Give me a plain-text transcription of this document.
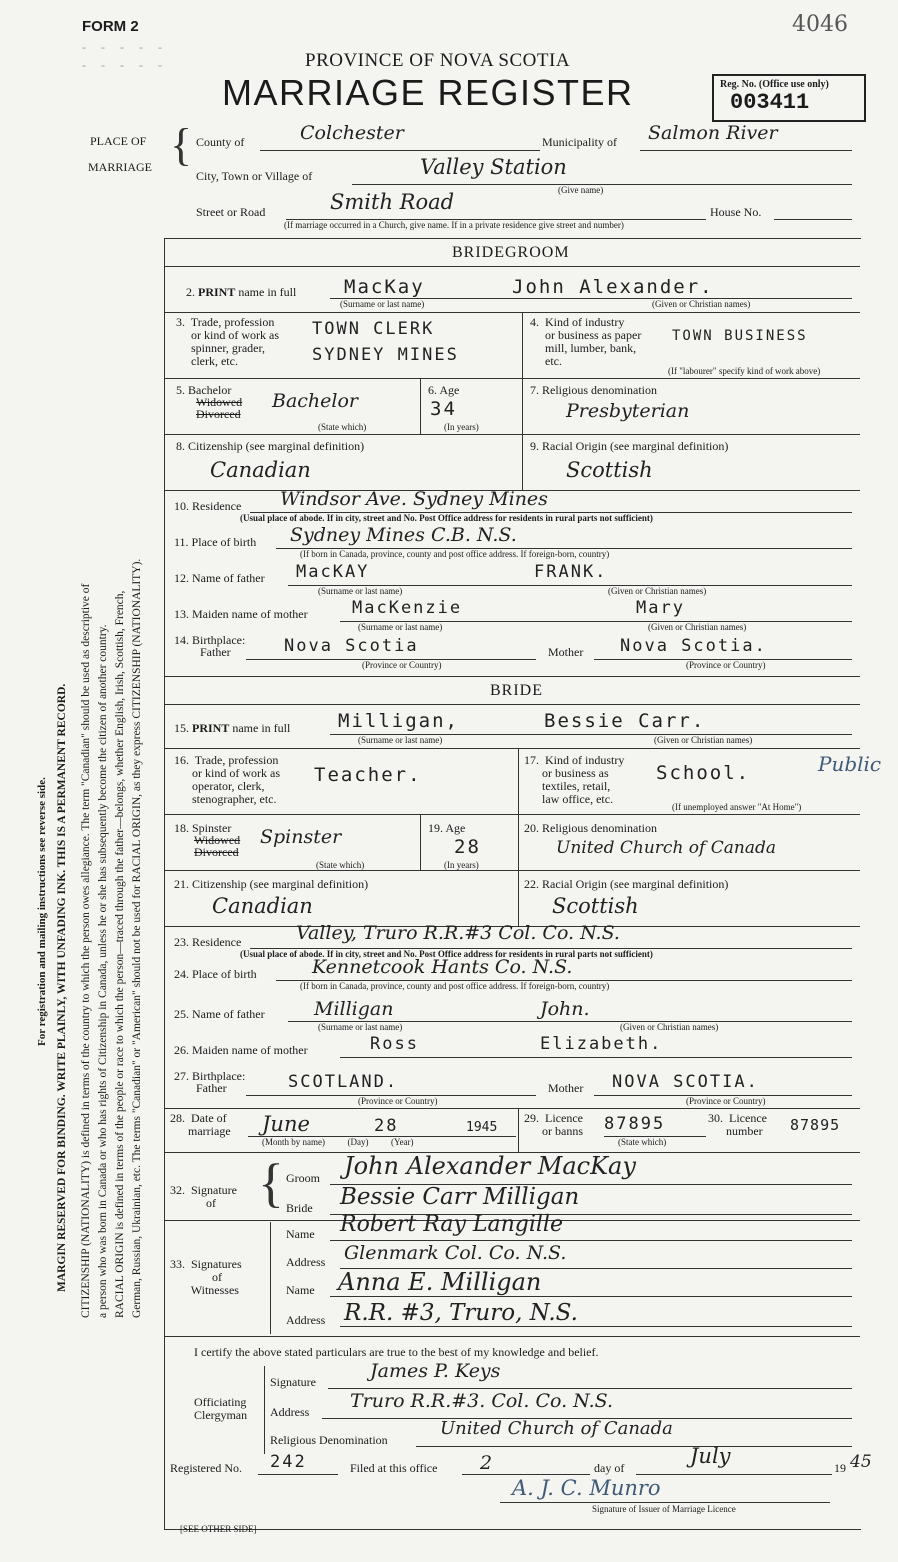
FORM 2	4046
- - - - -
- - - - -	PROVINCE OF NOVA SCOTIA
MARRIAGE REGISTER	Reg. No. (Office use only)
003411
For registration and mailing instructions see reverse side. MARGIN RESERVED FOR BINDING. WRITE PLAINLY, WITH UNFADING INK. THIS IS A PERMANENT RECORD. CITIZENSHIP (NATIONALITY) is defined in terms of the country to which the person owes allegiance. The term "Canadian" should be used as descriptive of a person who was born in Canada or who has rights of Citizenship in Canada, unless he or she has subsequently become the citizen of another country. RACIAL ORIGIN is defined in terms of the people or race to which the person—traced through the father—belongs, whether English, Irish, Scottish, French, German, Russian, Ukrainian, etc. The terms "Canadian" or "American" should not be used for RACIAL ORIGIN, as they express CITIZENSHIP (NATIONALITY).
PLACE OF
MARRIAGE { County of	Colchester	Municipality of Salmon River
City, Town or Village of	Valley Station
(Give name)
Street or Road	Smith Road	House No.
(If marriage occurred in a Church, give name. If in a private residence give street and number)
BRIDEGROOM
2. PRINT name in full	MacKay	John Alexander.
(Surname or last name)	(Given or Christian names)
3.  Trade, profession
or kind of work as
spinner, grader,
clerk, etc.
TOWN CLERK
SYDNEY MINES
4.  Kind of industry
or business as paper
mill, lumber, bank,
etc.
TOWN BUSINESS
(If "labourer" specify kind of work above)
5. Bachelor
Widowed
Divorced
Bachelor
(State which)
6. Age
34
(In years)
7. Religious denomination
Presbyterian
8. Citizenship (see marginal definition)
Canadian
9. Racial Origin (see marginal definition)
Scottish
10. Residence Windsor Ave. Sydney Mines
(Usual place of abode. If in city, street and No. Post Office address for residents in rural parts not sufficient)
11. Place of birth Sydney Mines C.B. N.S.
(If born in Canada, province, county and post office address. If foreign-born, country)
12. Name of father MacKAY	FRANK.
(Surname or last name)	(Given or Christian names)
13. Maiden name of mother	MacKenzie	Mary
(Surname or last name)	(Given or Christian names)
14. Birthplace:
Father	Nova Scotia	Mother Nova Scotia.
(Province or Country)	(Province or Country)
BRIDE
15. PRINT name in full	Milligan,	Bessie Carr.
(Surname or last name)	(Given or Christian names)
16.  Trade, profession
or kind of work as
operator, clerk,
stenographer, etc.
Teacher.
17.  Kind of industry
or business as
textiles, retail,
law office, etc.
School.	Public
(If unemployed answer "At Home")
18. Spinster
Widowed
Divorced
Spinster
(State which)
19. Age
28
(In years)
20. Religious denomination
United Church of Canada
21. Citizenship (see marginal definition)
Canadian
22. Racial Origin (see marginal definition)
Scottish
23. Residence	Valley, Truro R.R.#3 Col. Co. N.S.
(Usual place of abode. If in city, street and No. Post Office address for residents in rural parts not sufficient)
24. Place of birth	Kennetcook Hants Co. N.S.
(If born in Canada, province, county and post office address. If foreign-born, country)
25. Name of father	Milligan	John.
(Surname or last name)	(Given or Christian names)
26. Maiden name of mother	Ross	Elizabeth.
27. Birthplace:
Father	SCOTLAND.	Mother NOVA SCOTIA.
(Province or Country)	(Province or Country)
28.  Date of
marriage June	28	1945
(Month by name)          (Day)          (Year)
29.  Licence
or banns 87895
(State which)
30.  Licence
number 87895
32.  Signature
of { Groom John Alexander MacKay
Bride Bessie Carr Milligan
33.  Signatures
of
Witnesses
Name Robert Ray Langille
Address Glenmark Col. Co. N.S.
Name Anna E. Milligan
Address R.R. #3, Truro, N.S.
I certify the above stated particulars are true to the best of my knowledge and belief.
Officiating
Clergyman
Signature	James P. Keys
Address Truro R.R.#3. Col. Co. N.S.
Religious Denomination
United Church of Canada
Registered No. 242	Filed at this office 2	day of	July	19 45
A. J. C. Munro
Signature of Issuer of Marriage Licence
[SEE OTHER SIDE]
